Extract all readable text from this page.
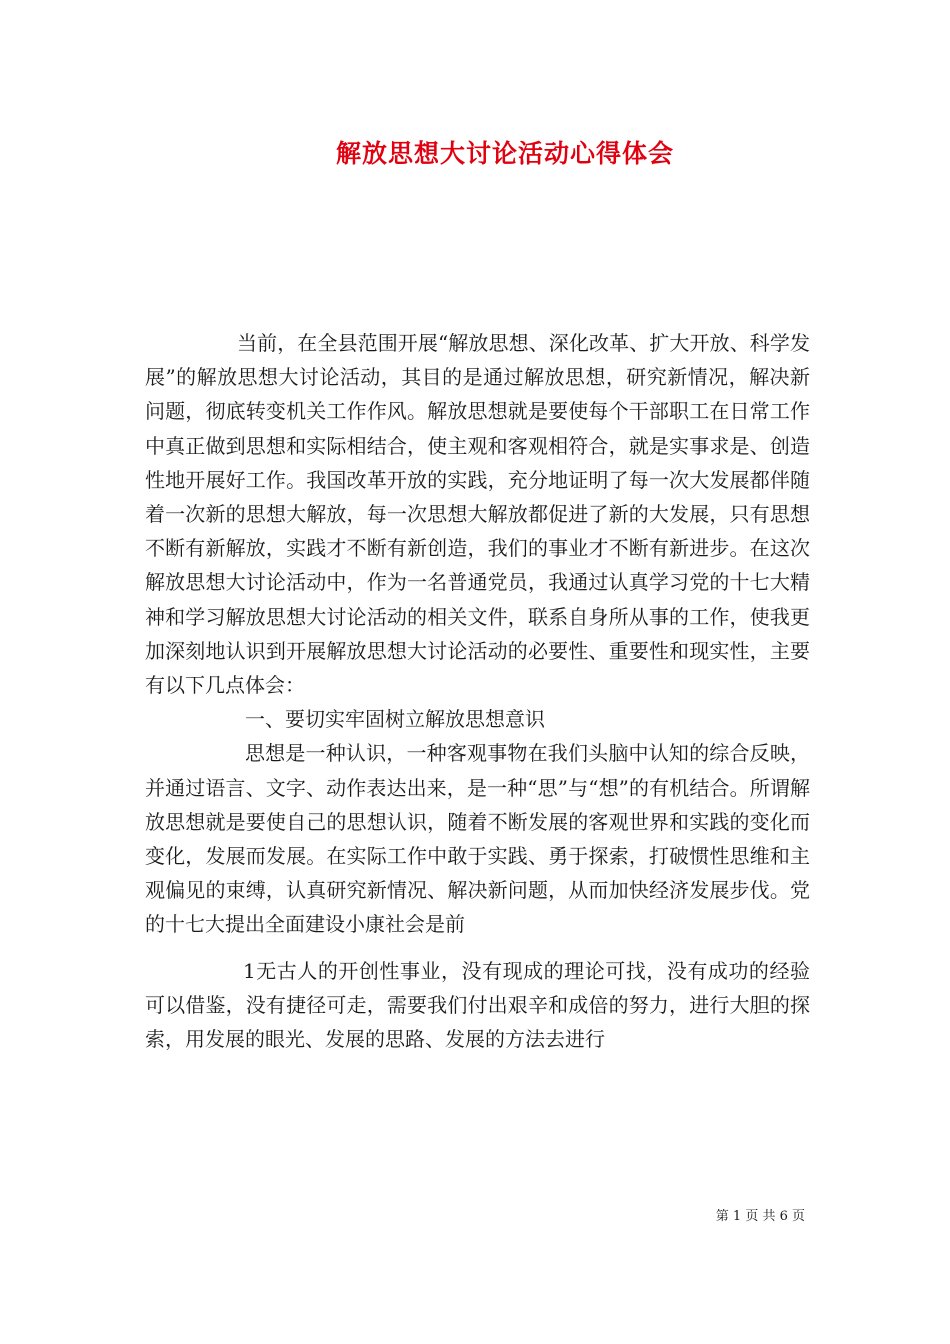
解放思想大讨论活动心得体会

当前，在全县范围开展“解放思想、深化改革、扩大开放、科学发展”的解放思想大讨论活动，其目的是通过解放思想，研究新情况，解决新问题，彻底转变机关工作作风。解放思想就是要使每个干部职工在日常工作中真正做到思想和实际相结合，使主观和客观相符合，就是实事求是、创造性地开展好工作。我国改革开放的实践，充分地证明了每一次大发展都伴随着一次新的思想大解放，每一次思想大解放都促进了新的大发展，只有思想不断有新解放，实践才不断有新创造，我们的事业才不断有新进步。在这次解放思想大讨论活动中，作为一名普通党员，我通过认真学习党的十七大精神和学习解放思想大讨论活动的相关文件，联系自身所从事的工作，使我更加深刻地认识到开展解放思想大讨论活动的必要性、重要性和现实性，主要有以下几点体会：

一、要切实牢固树立解放思想意识

思想是一种认识，一种客观事物在我们头脑中认知的综合反映，并通过语言、文字、动作表达出来，是一种“思”与“想”的有机结合。所谓解放思想就是要使自己的思想认识，随着不断发展的客观世界和实践的变化而变化，发展而发展。在实际工作中敢于实践、勇于探索，打破惯性思维和主观偏见的束缚，认真研究新情况、解决新问题，从而加快经济发展步伐。党的十七大提出全面建设小康社会是前

1无古人的开创性事业，没有现成的理论可找，没有成功的经验可以借鉴，没有捷径可走，需要我们付出艰辛和成倍的努力，进行大胆的探索，用发展的眼光、发展的思路、发展的方法去进行

第 1 页 共 6 页
